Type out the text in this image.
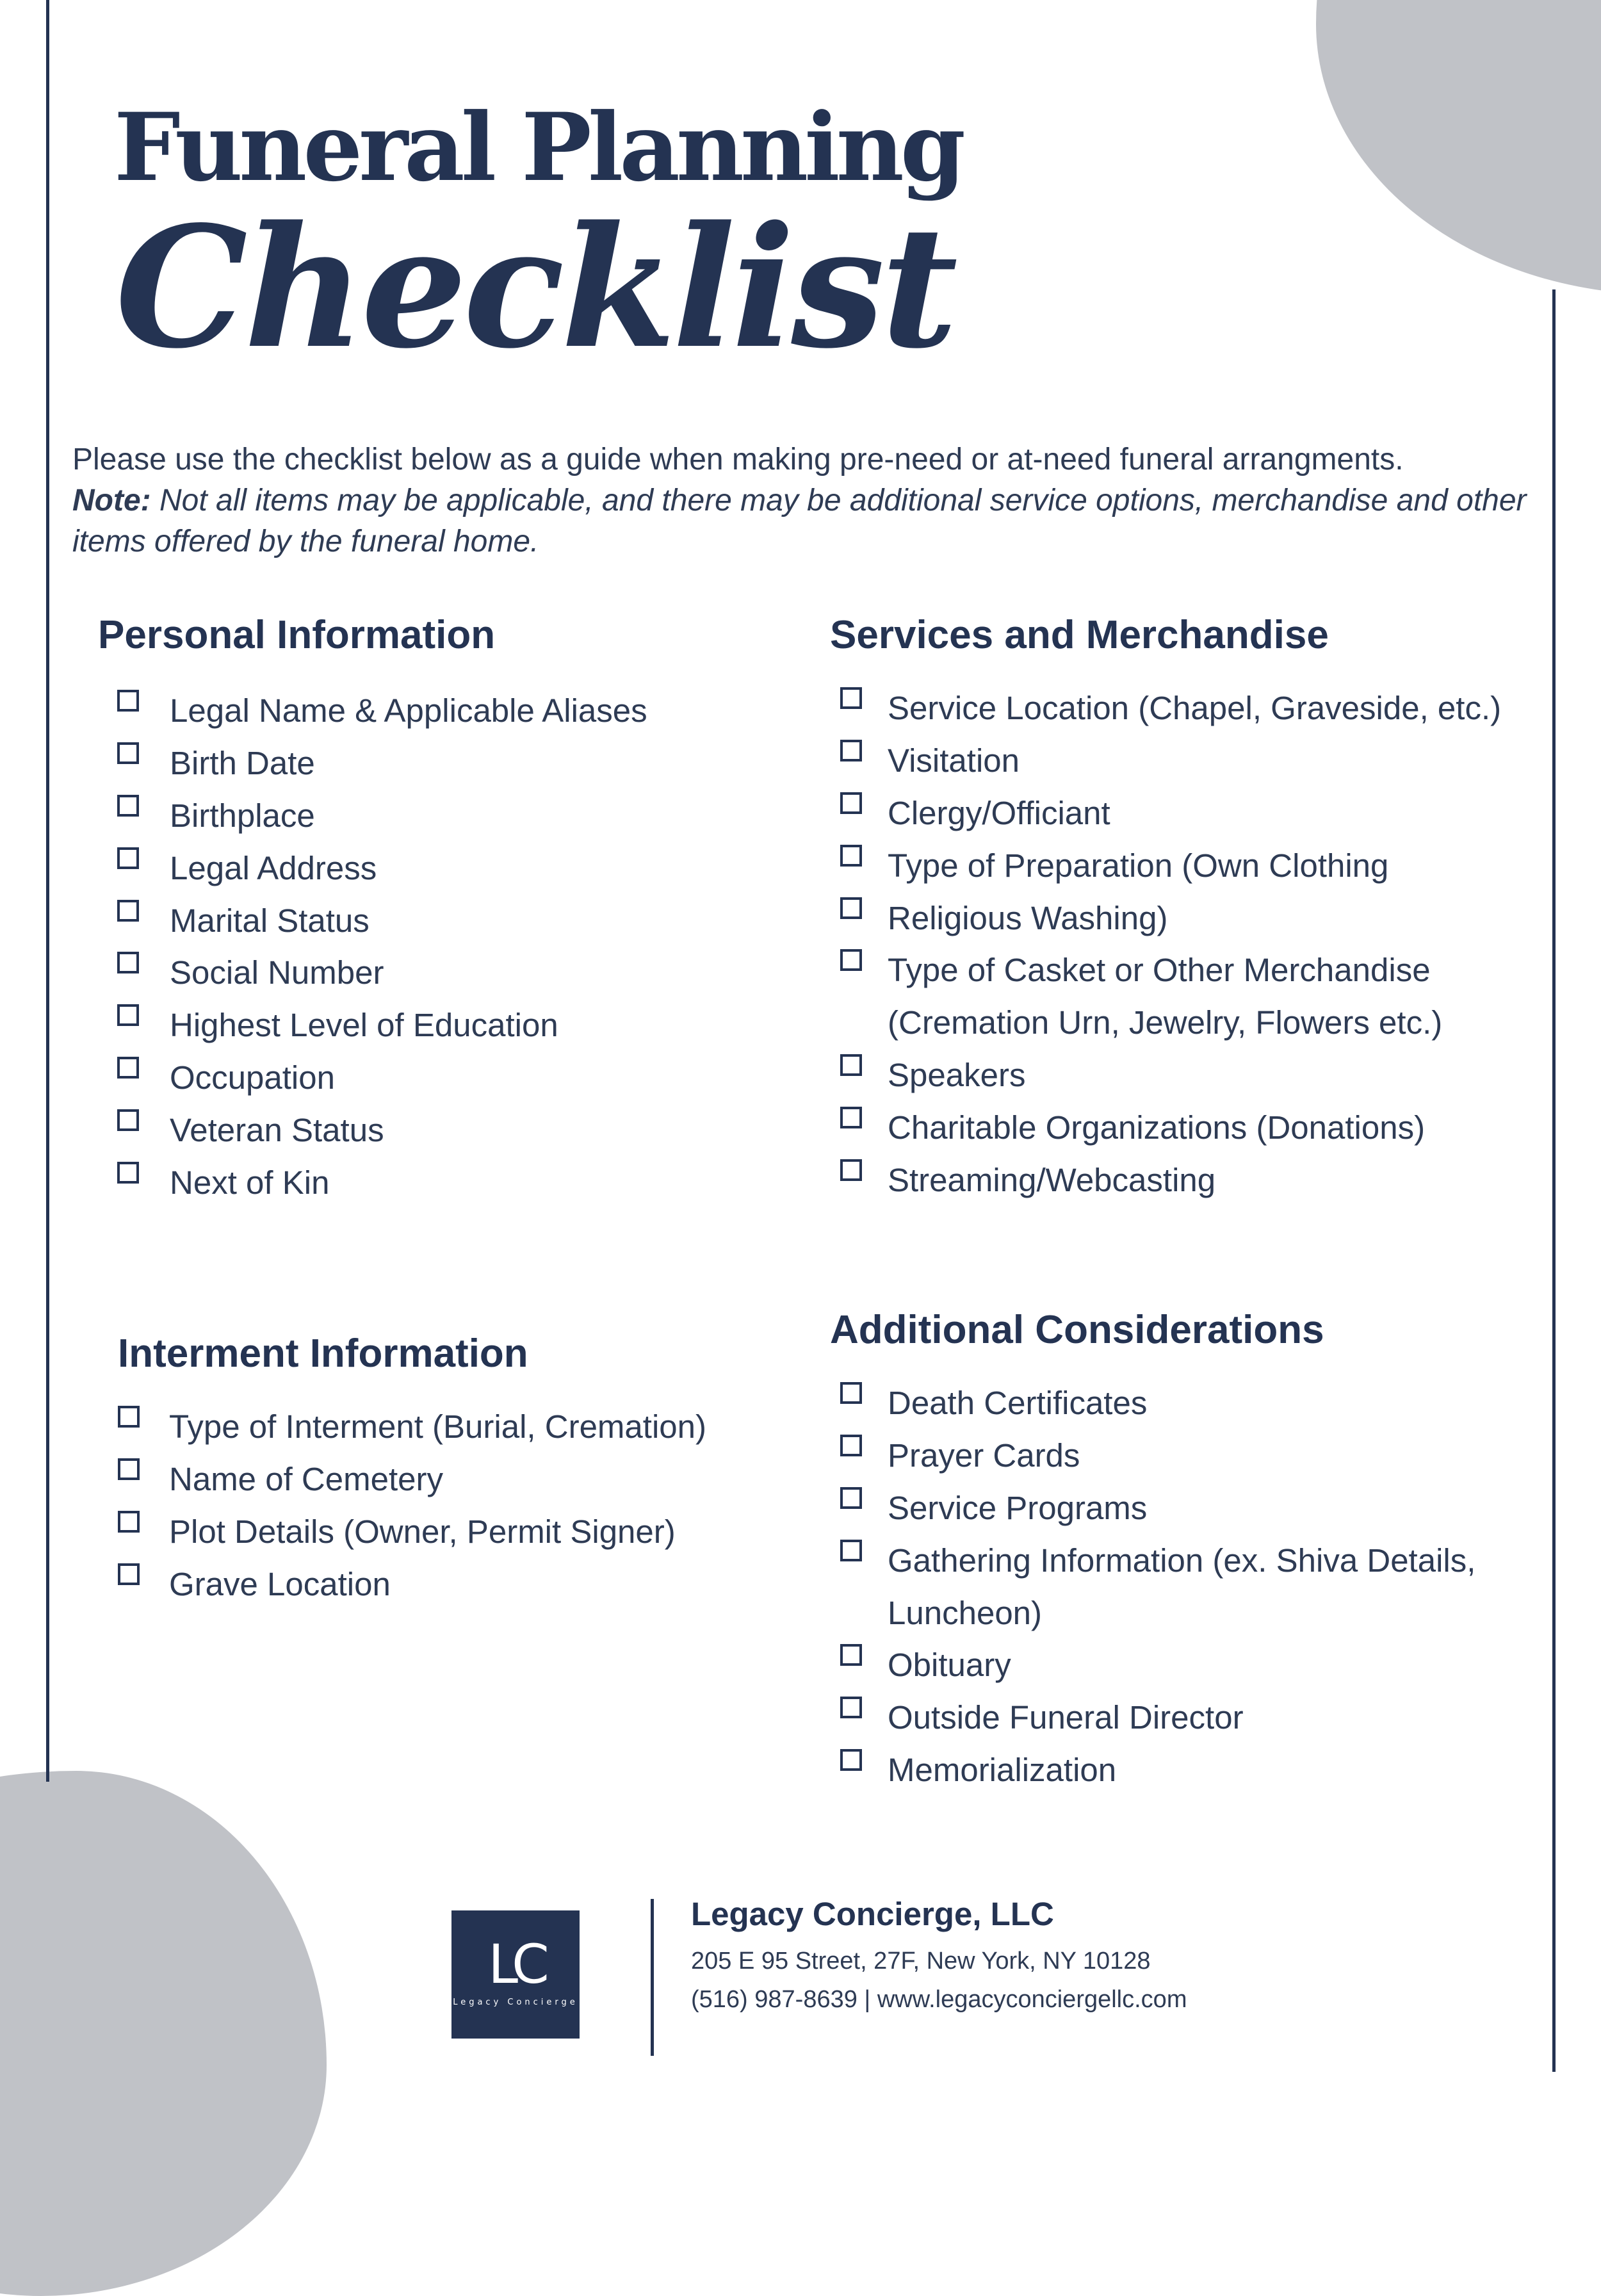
Funeral Planning
Checklist

Please use the checklist below as a guide when making pre-need or at-need funeral arrangments.

Note: Not all items may be applicable, and there may be additional service options, merchandise and other items offered by the funeral home.

Personal Information
Legal Name & Applicable Aliases
Birth Date
Birthplace
Legal Address
Marital Status
Social Number
Highest Level of Education
Occupation
Veteran Status
Next of Kin
Services and Merchandise
Service Location (Chapel, Graveside, etc.)
Visitation
Clergy/Officiant
Type of Preparation (Own Clothing
Religious Washing)
Type of Casket or Other Merchandise (Cremation Urn, Jewelry, Flowers etc.)
Speakers
Charitable Organizations (Donations)
Streaming/Webcasting
Interment Information
Type of Interment (Burial, Cremation)
Name of Cemetery
Plot Details (Owner, Permit Signer)
Grave Location
Additional Considerations
Death Certificates
Prayer Cards
Service Programs
Gathering Information (ex. Shiva Details, Luncheon)
Obituary
Outside Funeral Director
Memorialization
LC
Legacy Concierge

Legacy Concierge, LLC

205 E 95 Street, 27F, New York, NY 10128

(516) 987-8639 | www.legacyconciergellc.com
